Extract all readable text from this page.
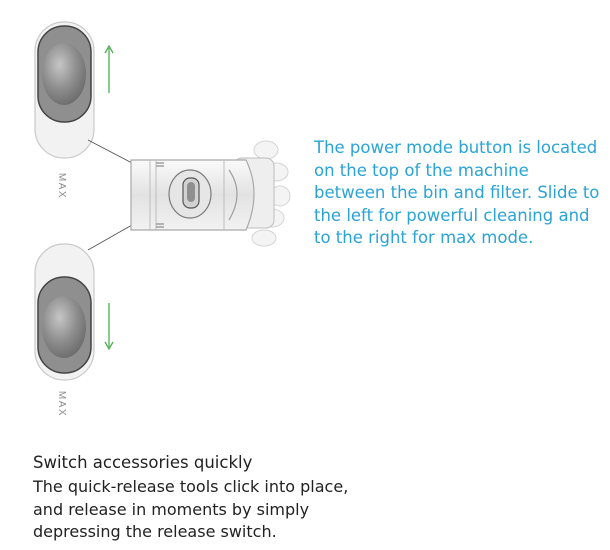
MAX
MAX

The power mode button is located on the top of the machine between the bin and filter. Slide to the left for powerful cleaning and to the right for max mode.

Switch accessories quickly

The quick-release tools click into place, and release in moments by simply depressing the release switch.
